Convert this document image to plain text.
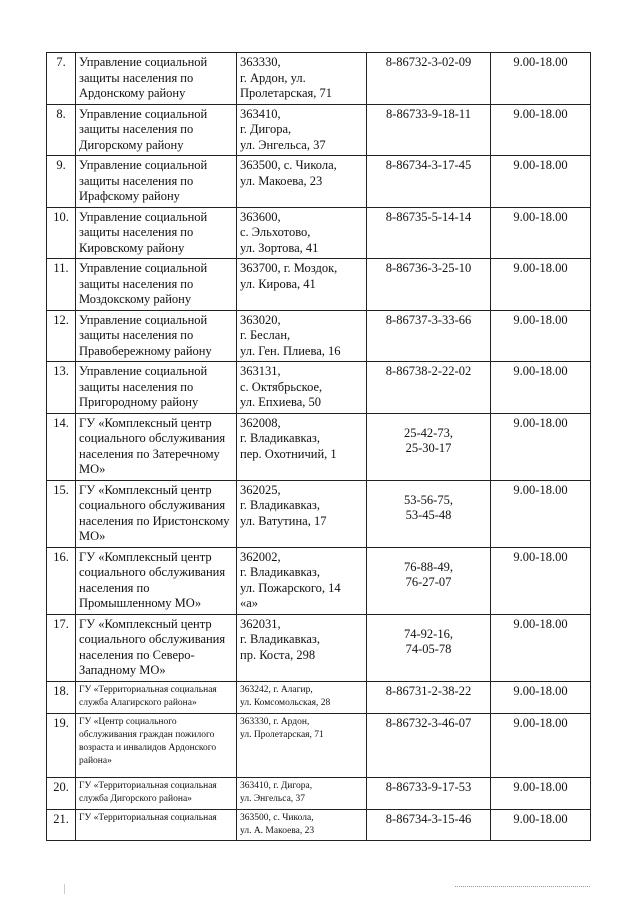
7.	Управление социальной
защиты населения по
Ардонскому району	363330,
г. Ардон, ул.
Пролетарская, 71	8-86732-3-02-09	9.00-18.00
8.	Управление социальной
защиты населения по
Дигорскому району	363410,
г. Дигора,
ул. Энгельса, 37	8-86733-9-18-11	9.00-18.00
9.	Управление социальной
защиты населения по
Ирафскому району	363500, с. Чикола,
ул. Макоева, 23	8-86734-3-17-45	9.00-18.00
10.	Управление социальной
защиты населения по
Кировскому району	363600,
с. Эльхотово,
ул. Зортова, 41	8-86735-5-14-14	9.00-18.00
11.	Управление социальной
защиты населения по
Моздокскому району	363700, г. Моздок,
ул. Кирова, 41	8-86736-3-25-10	9.00-18.00
12.	Управление социальной
защиты населения по
Правобережному району	363020,
г. Беслан,
ул. Ген. Плиева, 16	8-86737-3-33-66	9.00-18.00
13.	Управление социальной
защиты населения по
Пригородному району	363131,
с. Октябрьское,
ул. Епхиева, 50	8-86738-2-22-02	9.00-18.00
14.	ГУ «Комплексный центр
социального обслуживания
населения по Затеречному
МО»	362008,
г. Владикавказ,
пер. Охотничий, 1	25-42-73,
25-30-17	9.00-18.00
15.	ГУ «Комплексный центр
социального обслуживания
населения по Иристонскому
МО»	362025,
г. Владикавказ,
ул. Ватутина, 17	53-56-75,
53-45-48	9.00-18.00
16.	ГУ «Комплексный центр
социального обслуживания
населения по
Промышленному МО»	362002,
г. Владикавказ,
ул. Пожарского, 14
«а»	76-88-49,
76-27-07	9.00-18.00
17.	ГУ «Комплексный центр
социального обслуживания
населения по Северо-
Западному МО»	362031,
г. Владикавказ,
пр. Коста, 298	74-92-16,
74-05-78	9.00-18.00
18.	ГУ «Территориальная социальная
служба Алагирского района»	363242, г. Алагир,
ул. Комсомольская, 28	8-86731-2-38-22	9.00-18.00
19.	ГУ «Центр социального
обслуживания граждан пожилого
возраста и инвалидов Ардонского
района»	363330, г. Ардон,
ул. Пролетарская, 71	8-86732-3-46-07	9.00-18.00
20.	ГУ «Территориальная социальная
служба Дигорского района»	363410, г. Дигора,
ул. Энгельса, 37	8-86733-9-17-53	9.00-18.00
21.	ГУ «Территориальная социальная	363500, с. Чикола,
ул. А. Макоева, 23	8-86734-3-15-46	9.00-18.00
